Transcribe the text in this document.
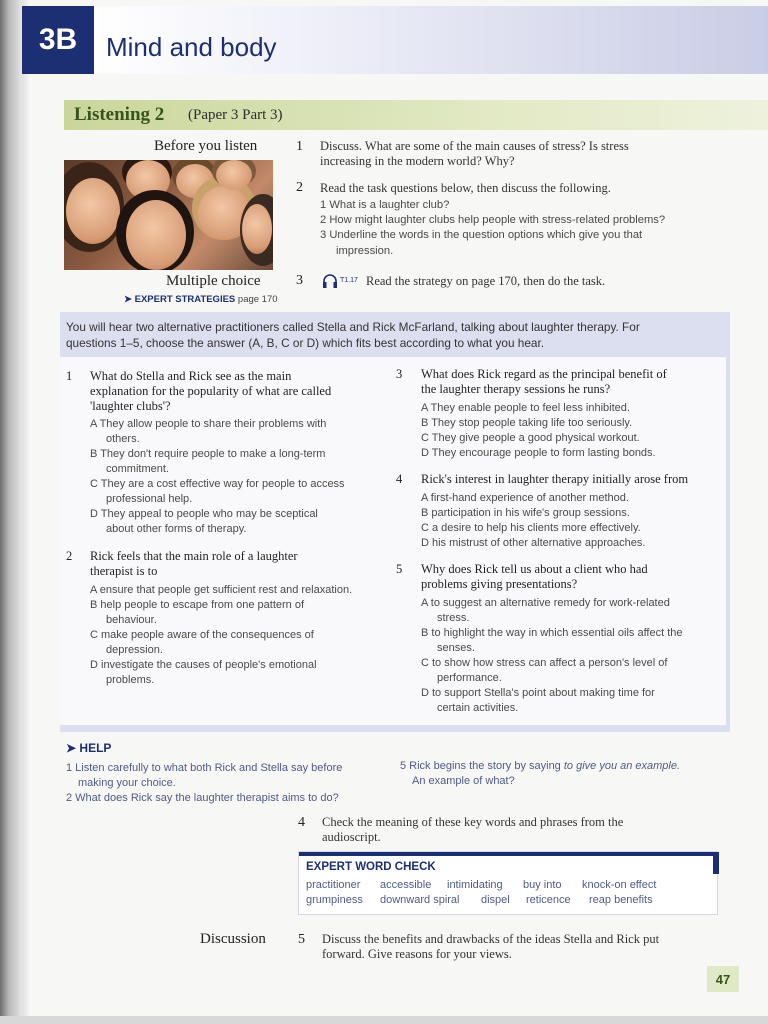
3B	Mind and body
Listening 2 (Paper 3 Part 3)
Before you listen	1 Discuss. What are some of the main causes of stress? Is stress
increasing in the modern world? Why?
2 Read the task questions below, then discuss the following.
1 What is a laughter club?
2 How might laughter clubs help people with stress-related problems?
3 Underline the words in the question options which give you that
impression.
Multiple choice
➤ EXPERT STRATEGIES page 170
3	T1.17 Read the strategy on page 170, then do the task.
You will hear two alternative practitioners called Stella and Rick McFarland, talking about laughter therapy. For
questions 1–5, choose the answer (A, B, C or D) which fits best according to what you hear.
1 What do Stella and Rick see as the main
explanation for the popularity of what are called
'laughter clubs'?
A They allow people to share their problems with
others.
B They don't require people to make a long-term
commitment.
C They are a cost effective way for people to access
professional help.
D They appeal to people who may be sceptical
about other forms of therapy.
2 Rick feels that the main role of a laughter
therapist is to
A ensure that people get sufficient rest and relaxation.
B help people to escape from one pattern of
behaviour.
C make people aware of the consequences of
depression.
D investigate the causes of people's emotional
problems.
3 What does Rick regard as the principal benefit of
the laughter therapy sessions he runs?
A They enable people to feel less inhibited.
B They stop people taking life too seriously.
C They give people a good physical workout.
D They encourage people to form lasting bonds.
4 Rick's interest in laughter therapy initially arose from
A first-hand experience of another method.
B participation in his wife's group sessions.
C a desire to help his clients more effectively.
D his mistrust of other alternative approaches.
5 Why does Rick tell us about a client who had
problems giving presentations?
A to suggest an alternative remedy for work-related
stress.
B to highlight the way in which essential oils affect the
senses.
C to show how stress can affect a person's level of
performance.
D to support Stella's point about making time for
certain activities.
➤ HELP
1 Listen carefully to what both Rick and Stella say before
making your choice.
2 What does Rick say the laughter therapist aims to do?
5 Rick begins the story by saying to give you an example.
An example of what?
4 Check the meaning of these key words and phrases from the
audioscript.
EXPERT WORD CHECK
practitioner accessible intimidating buy into knock-on effect
grumpiness downward spiral dispel reticence reap benefits
Discussion 5 Discuss the benefits and drawbacks of the ideas Stella and Rick put
forward. Give reasons for your views.
47
